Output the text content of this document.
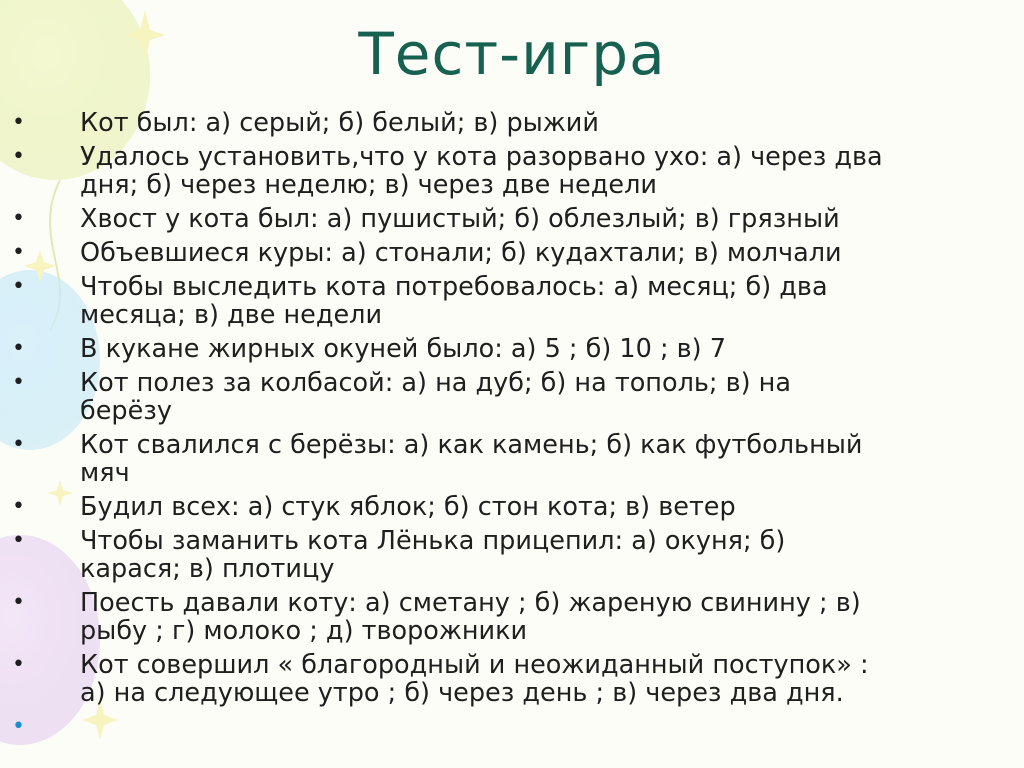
Тест-игра
• Кот был: а) серый; б) белый; в) рыжий
• Удалось установить,что у кота разорвано ухо: а) через два
дня; б) через неделю; в) через две недели
• Хвост у кота был: а) пушистый; б) облезлый; в) грязный
• Объевшиеся куры: а) стонали; б) кудахтали; в) молчали
• Чтобы выследить кота потребовалось: а) месяц; б) два
месяца; в) две недели
• В кукане жирных окуней было: а) 5 ; б) 10 ; в) 7
• Кот полез за колбасой: а) на дуб; б) на тополь; в) на
берёзу
• Кот свалился с берёзы: а) как камень; б) как футбольный
мяч
• Будил всех: а) стук яблок; б) стон кота; в) ветер
• Чтобы заманить кота Лёнька прицепил: а) окуня; б)
карася; в) плотицу
• Поесть давали коту: а) сметану ; б) жареную свинину ; в)
рыбу ; г) молоко ; д) творожники
• Кот совершил « благородный и неожиданный поступок» :
а) на следующее утро ; б) через день ; в) через два дня.
•
